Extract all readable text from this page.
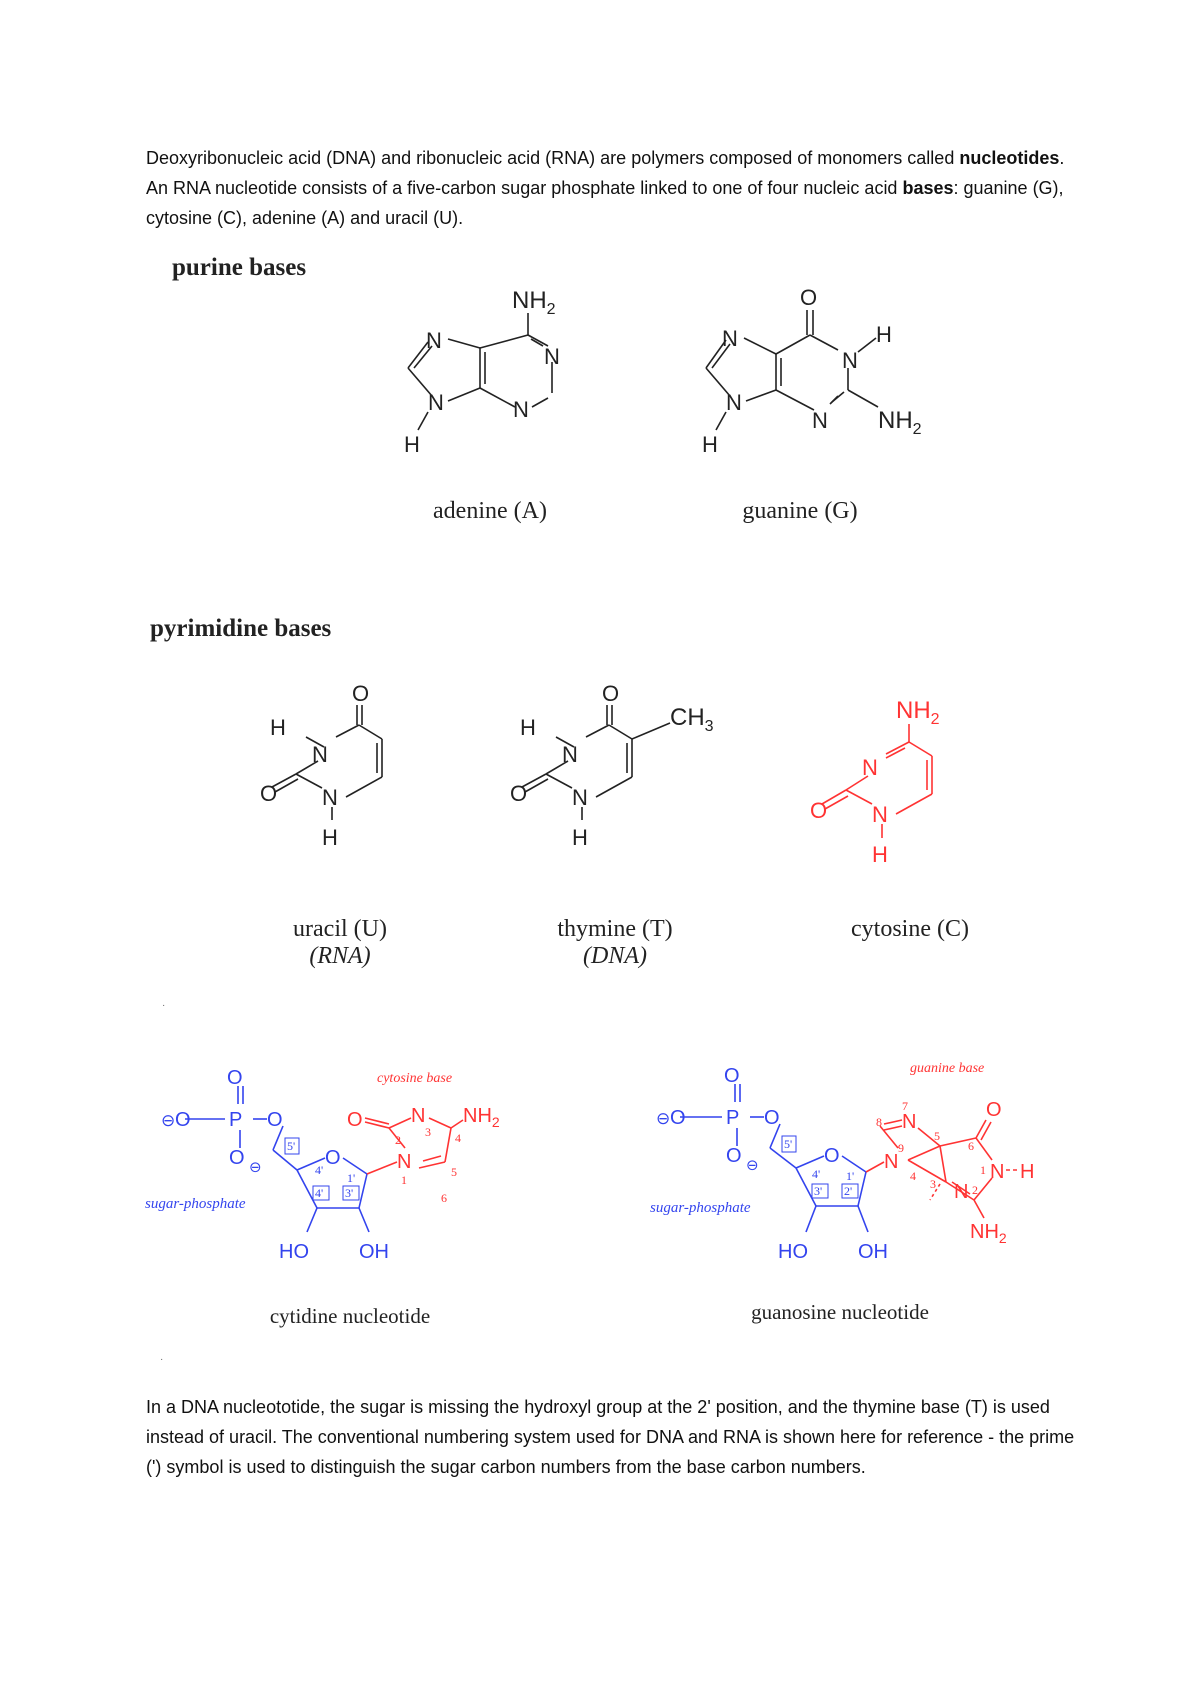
Deoxyribonucleic acid (DNA) and ribonucleic acid (RNA) are polymers composed of monomers called nucleotides. An RNA nucleotide consists of a five-carbon sugar phosphate linked to one of four nucleic acid bases: guanine (G), cytosine (C), adenine (A) and uracil (U).
purine bases
$NH_2$
N
N
N
N
H
adenine (A)
O
N
H
N $NH_2$
N
N
H
guanine (G)
pyrimidine bases
O
H
N
O N
H
uracil (U)
(RNA)
O
$CH_3$
H
N
O N
H
thymine (T)
(DNA)
$NH_2$
N
O N
H
cytosine (C)
·
O
⊖ O P O
O ⊖	O
HO	OH
5'
4' 3'
1'
4'
sugar-phosphate
O N $NH_2$
N
1
2
3 4
5
6
cytosine base
cytidine nucleotide
O
⊖ O P O
O ⊖	O
HO	OH
5'
4'
3' 2'
1'
sugar-phosphate
N
N
O
N H
N
$NH_2$
7
8
9
5
3
4
6
1
2
guanine base
guanosine nucleotide
·
In a DNA nucleototide, the sugar is missing the hydroxyl group at the 2' position, and the thymine base (T) is used instead of uracil. The conventional numbering system used for DNA and RNA is shown here for reference - the prime (') symbol is used to distinguish the sugar carbon numbers from the base carbon numbers.
